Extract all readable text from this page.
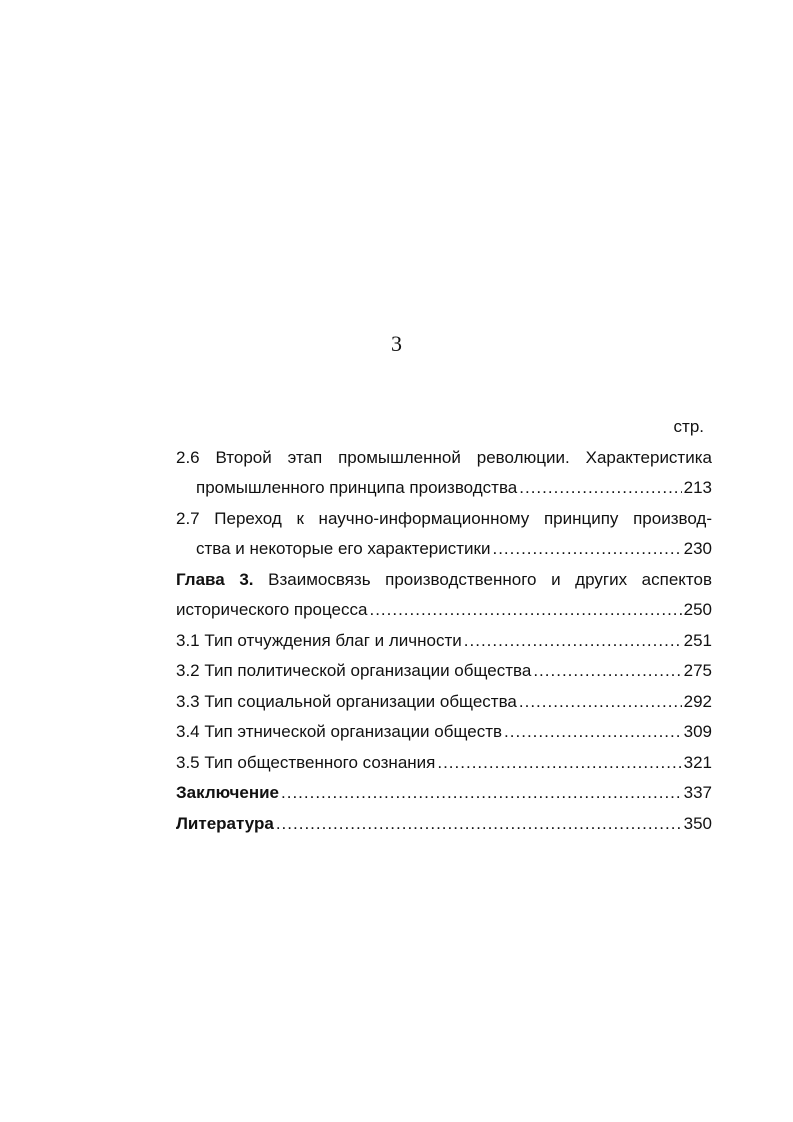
3
стр.
2.6 Второй этап промышленной революции. Характеристика
промышленного принципа производства .....	213
2.7 Переход к научно-информационному принципу производ-
ства и некоторые его характеристики .....	230
Глава 3. Взаимосвязь производственного и других аспектов
исторического процесса .....	250
3.1 Тип отчуждения благ и личности .....	251
3.2 Тип политической организации общества .....	275
3.3 Тип социальной организации общества .....	292
3.4 Тип этнической организации обществ .....	309
3.5 Тип общественного сознания .....	321
Заключение .....	337
Литература .....	350
